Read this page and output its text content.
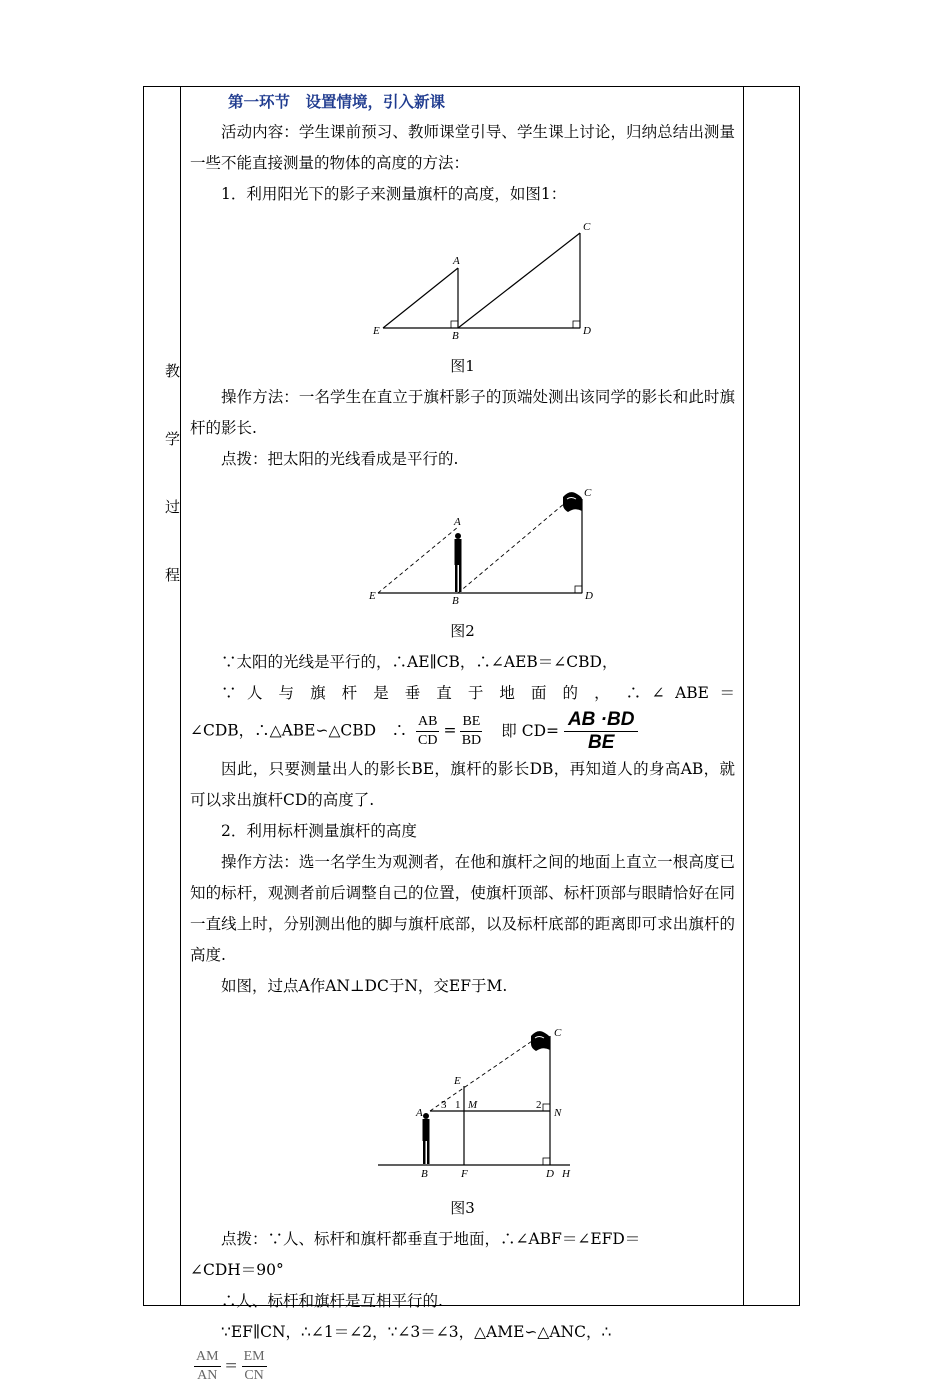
教
学
过
程

第一环节　设置情境，引入新课

活动内容：学生课前预习、教师课堂引导、学生课上讨论，归纳总结出测量一些不能直接测量的物体的高度的方法：

1．利用阳光下的影子来测量旗杆的高度，如图1：

A
B
C
D
E
图1

操作方法：一名学生在直立于旗杆影子的顶端处测出该同学的影长和此时旗杆的影长.

点拨：把太阳的光线看成是平行的.

A
B
C
D
E
图2

∵太阳的光线是平行的，∴AE∥CB，∴∠AEB＝∠CBD，

∵ 人 与 旗 杆 是 垂 直 于 地 面 的 ， ∴ ∠ ABE ＝

∠CDB，∴△ABE∽△CBD　∴ $\frac{AB}{CD} = \frac{BE}{BD}$ 即 $CD= \frac{AB \cdot BD}{BE}$

因此，只要测量出人的影长BE，旗杆的影长DB，再知道人的身高AB，就可以求出旗杆CD的高度了.

2．利用标杆测量旗杆的高度

操作方法：选一名学生为观测者，在他和旗杆之间的地面上直立一根高度已知的标杆，观测者前后调整自己的位置，使旗杆顶部、标杆顶部与眼睛恰好在同一直线上时，分别测出他的脚与旗杆底部，以及标杆底部的距离即可求出旗杆的高度.

如图，过点A作AN⊥DC于N，交EF于M.

C
E
A
M
N
3 1	2
B	F	D H
图3

点拨：∵人、标杆和旗杆都垂直于地面，∴∠ABF＝∠EFD＝

∠CDH＝90°

∴人、标杆和旗杆是互相平行的.

∵EF∥CN，∴∠1＝∠2，∵∠3＝∠3，△AME∽△ANC，∴

$\frac{AM}{AN} = \frac{EM}{CN}$
